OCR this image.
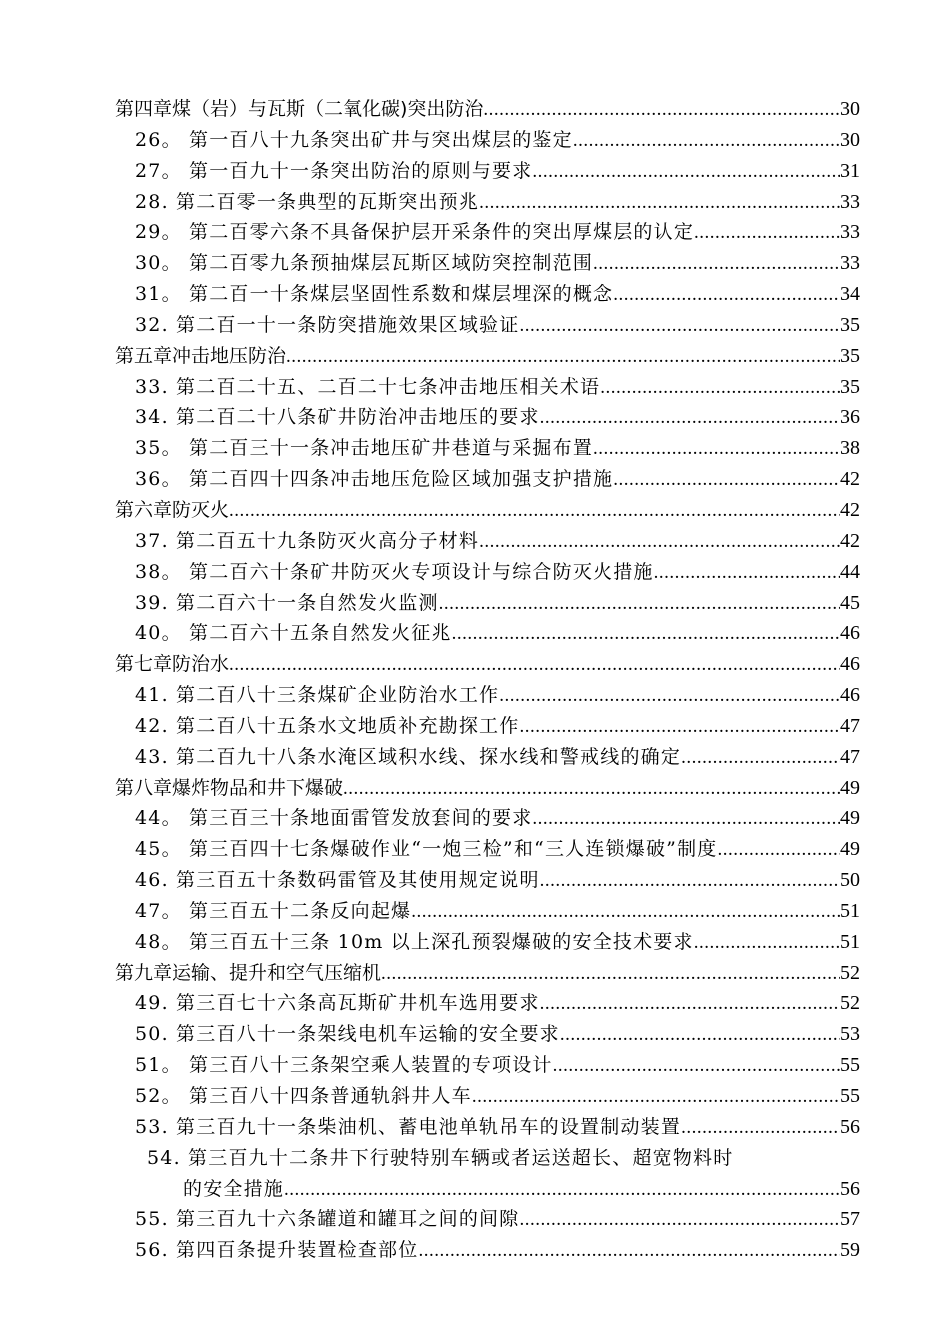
第四章煤（岩）与瓦斯（二氧化碳)突出防治 .....	30
26。 第一百八十九条突出矿井与突出煤层的鉴定 .....	30
27。 第一百九十一条突出防治的原则与要求 .....	31
28. 第二百零一条典型的瓦斯突出预兆 .....	33
29。 第二百零六条不具备保护层开采条件的突出厚煤层的认定 .....	33
30。 第二百零九条预抽煤层瓦斯区域防突控制范围 .....	33
31。 第二百一十条煤层坚固性系数和煤层埋深的概念 .....	34
32. 第二百一十一条防突措施效果区域验证 .....	35
第五章冲击地压防治 .....	35
33. 第二百二十五、二百二十七条冲击地压相关术语 .....	35
34. 第二百二十八条矿井防治冲击地压的要求 .....	36
35。 第二百三十一条冲击地压矿井巷道与采掘布置 .....	38
36。 第二百四十四条冲击地压危险区域加强支护措施 .....	42
第六章防灭火 .....	42
37. 第二百五十九条防灭火高分子材料 .....	42
38。 第二百六十条矿井防灭火专项设计与综合防灭火措施 .....	44
39. 第二百六十一条自然发火监测 .....	45
40。 第二百六十五条自然发火征兆 .....	46
第七章防治水 .....	46
41. 第二百八十三条煤矿企业防治水工作 .....	46
42. 第二百八十五条水文地质补充勘探工作 .....	47
43. 第二百九十八条水淹区域积水线、探水线和警戒线的确定 .....	47
第八章爆炸物品和井下爆破 .....	49
44。 第三百三十条地面雷管发放套间的要求 .....	49
45。 第三百四十七条爆破作业“一炮三检”和“三人连锁爆破”制度 .....	49
46. 第三百五十条数码雷管及其使用规定说明 .....	50
47。 第三百五十二条反向起爆 .....	51
48。 第三百五十三条 10m 以上深孔预裂爆破的安全技术要求 .....	51
第九章运输、提升和空气压缩机 .....	52
49. 第三百七十六条高瓦斯矿井机车选用要求 .....	52
50. 第三百八十一条架线电机车运输的安全要求 .....	53
51。 第三百八十三条架空乘人装置的专项设计 .....	55
52。 第三百八十四条普通轨斜井人车 .....	55
53. 第三百九十一条柴油机、蓄电池单轨吊车的设置制动装置 .....	56
54. 第三百九十二条井下行驶特别车辆或者运送超长、超宽物料时
的安全措施 .....	56
55. 第三百九十六条罐道和罐耳之间的间隙 .....	57
56. 第四百条提升装置检查部位 .....	59
